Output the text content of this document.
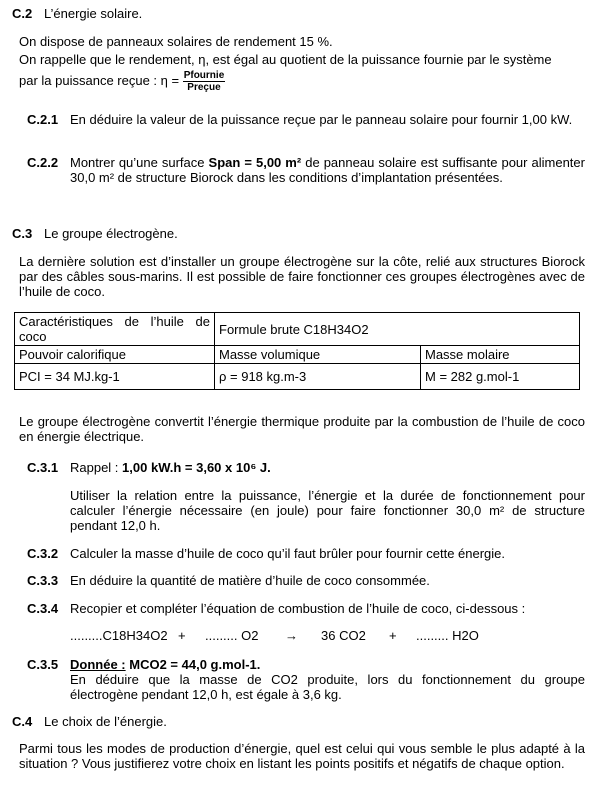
C.2 L’énergie solaire.
On dispose de panneaux solaires de rendement 15 %.
On rappelle que le rendement, η, est égal au quotient de la puissance fournie par le système
par la puissance reçue : $\eta = \frac{\text{Pfournie}}{\text{Preçue}}$
C.2.1 En déduire la valeur de la puissance reçue par le panneau solaire pour fournir 1,00 kW.
C.2.2 Montrer qu’une surface Span = 5,00 m² de panneau solaire est suffisante pour alimenter 30,0 m² de structure Biorock dans les conditions d’implantation présentées.
C.3 Le groupe électrogène.
La dernière solution est d’installer un groupe électrogène sur la côte, relié aux structures Biorock par des câbles sous-marins. Il est possible de faire fonctionner ces groupes électrogènes avec de l’huile de coco.
Caractéristiques de l’huile de coco	Formule brute C18H34O2	
Pouvoir calorifique	Masse volumique	Masse molaire
PCI = 34 MJ.kg-1	ρ = 918 kg.m-3	M = 282 g.mol-1
Le groupe électrogène convertit l’énergie thermique produite par la combustion de l’huile de coco en énergie électrique.
C.3.1 Rappel : 1,00 kW.h = 3,60 x 10⁶ J.
Utiliser la relation entre la puissance, l’énergie et la durée de fonctionnement pour calculer l’énergie nécessaire (en joule) pour faire fonctionner 30,0 m² de structure pendant 12,0 h.
C.3.2 Calculer la masse d’huile de coco qu’il faut brûler pour fournir cette énergie.
C.3.3 En déduire la quantité de matière d’huile de coco consommée.
C.3.4 Recopier et compléter l’équation de combustion de l’huile de coco, ci-dessous :
.........C18H34O2 + ......... O2 → 36 CO2 + ......... H2O
C.3.5 Donnée : MCO2 = 44,0 g.mol-1.
En déduire que la masse de CO2 produite, lors du fonctionnement du groupe électrogène pendant 12,0 h, est égale à 3,6 kg.
C.4 Le choix de l’énergie.
Parmi tous les modes de production d’énergie, quel est celui qui vous semble le plus adapté à la situation ? Vous justifierez votre choix en listant les points positifs et négatifs de chaque option.
